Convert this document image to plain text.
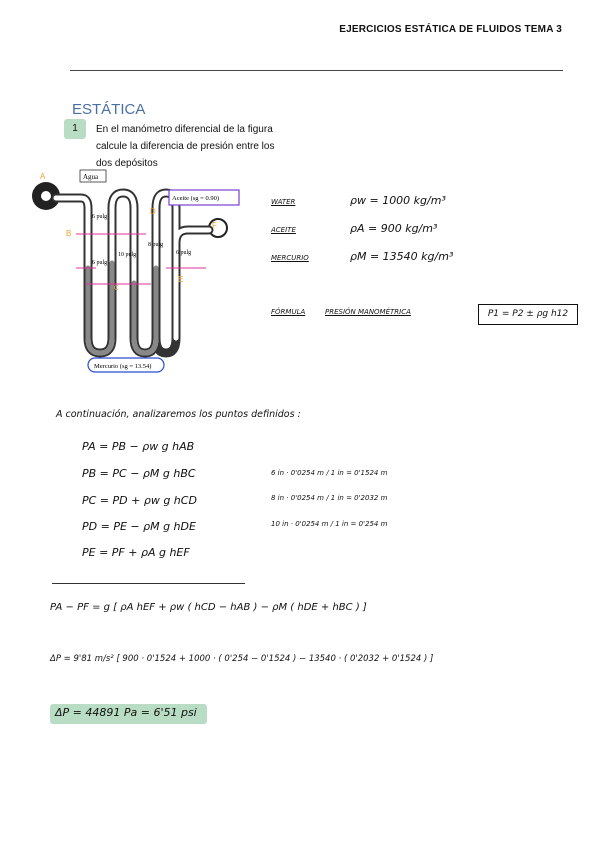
EJERCICIOS ESTÁTICA DE FLUIDOS TEMA 3
ESTÁTICA
1	En el manómetro diferencial de la figura
calcule la diferencia de presión entre los
dos depósitos
Agua
Aceite (sg = 0.90)
Mercurio (sg = 13.54)
6 pulg
6 pulg
10 pulg
8 pulg
6 pulg
A
B
C
D
E
F
WATER	ρw = 1000 kg/m³
ACEITE	ρA = 900 kg/m³
MERCURIO	ρM = 13540 kg/m³
FÓRMULA	PRESIÓN MANOMÉTRICA	P1 = P2 ± ρg h12
A continuación, analizaremos los puntos definidos :
PA = PB − ρw g hAB
PB = PC − ρM g hBC
PC = PD + ρw g hCD
PD = PE − ρM g hDE
PE = PF + ρA g hEF
6 in · 0'0254 m / 1 in = 0'1524 m
8 in · 0'0254 m / 1 in = 0'2032 m
10 in · 0'0254 m / 1 in = 0'254 m
PA − PF = g [ ρA hEF + ρw ( hCD − hAB ) − ρM ( hDE + hBC ) ]
ΔP = 9'81 m/s² [ 900 · 0'1524 + 1000 · ( 0'254 − 0'1524 ) − 13540 · ( 0'2032 + 0'1524 ) ]
ΔP = 44891 Pa = 6'51 psi
